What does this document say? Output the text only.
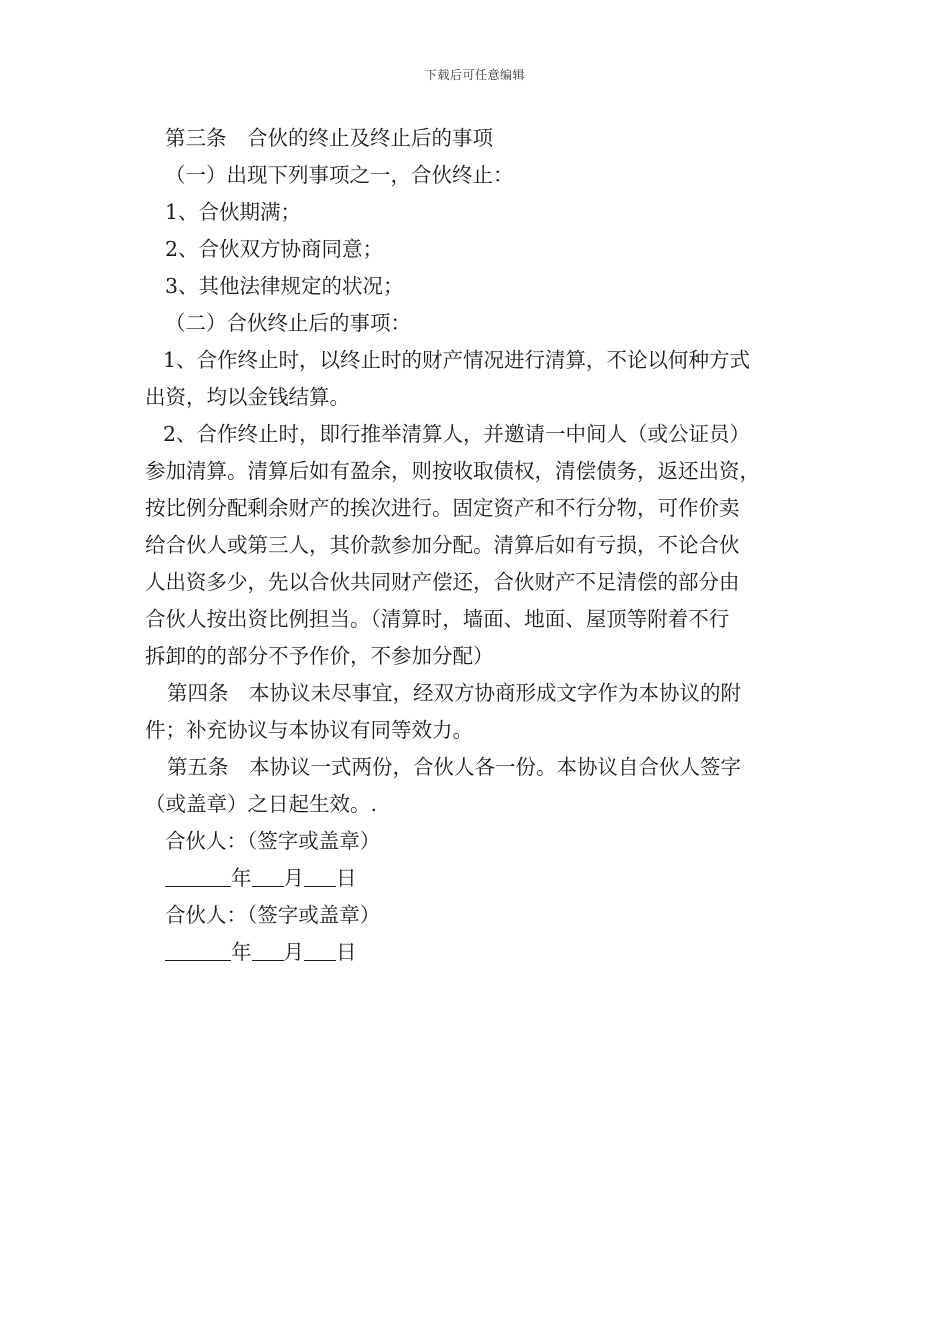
下载后可任意编辑
第三条　合伙的终止及终止后的事项
（一）出现下列事项之一，合伙终止：
1、合伙期满；
2、合伙双方协商同意；
3、其他法律规定的状况；
（二）合伙终止后的事项：
1、合作终止时，以终止时的财产情况进行清算，不论以何种方式
出资，均以金钱结算。
2、合作终止时，即行推举清算人，并邀请一中间人（或公证员）
参加清算。清算后如有盈余，则按收取债权，清偿债务，返还出资，
按比例分配剩余财产的挨次进行。固定资产和不行分物，可作价卖
给合伙人或第三人，其价款参加分配。清算后如有亏损，不论合伙
人出资多少，先以合伙共同财产偿还，合伙财产不足清偿的部分由
合伙人按出资比例担当。（清算时，墙面、地面、屋顶等附着不行
拆卸的的部分不予作价，不参加分配）
第四条　本协议未尽事宜，经双方协商形成文字作为本协议的附
件；补充协议与本协议有同等效力。
第五条　本协议一式两份，合伙人各一份。本协议自合伙人签字
（或盖章）之日起生效。.
合伙人：（签字或盖章）
年 月 日
合伙人：（签字或盖章）
年 月 日
